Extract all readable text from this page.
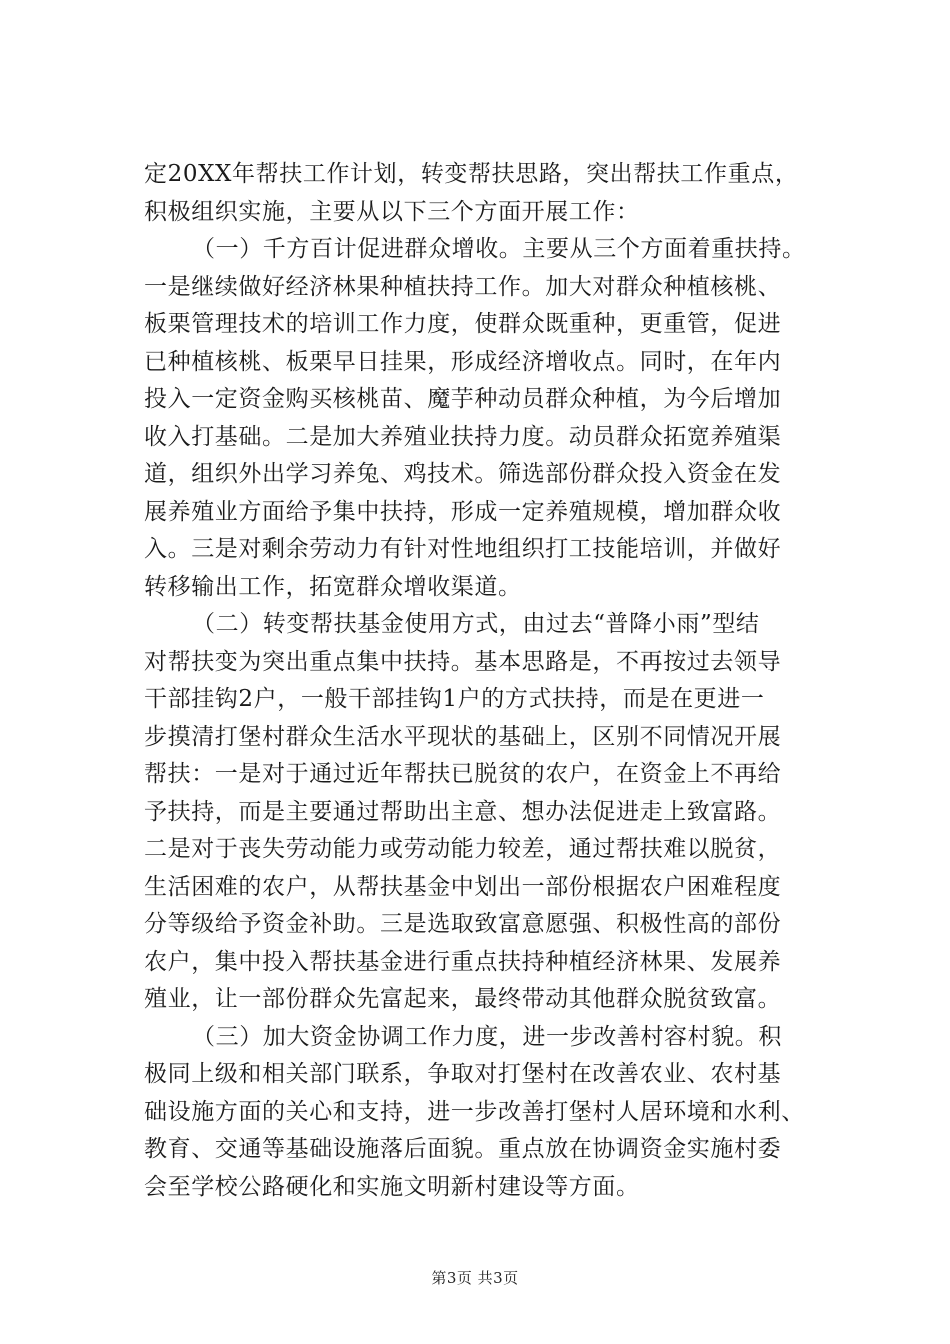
定20XX年帮扶工作计划，转变帮扶思路，突出帮扶工作重点，
积极组织实施，主要从以下三个方面开展工作：
（一）千方百计促进群众增收。主要从三个方面着重扶持。
一是继续做好经济林果种植扶持工作。加大对群众种植核桃、
板栗管理技术的培训工作力度，使群众既重种，更重管，促进
已种植核桃、板栗早日挂果，形成经济增收点。同时，在年内
投入一定资金购买核桃苗、魔芋种动员群众种植，为今后增加
收入打基础。二是加大养殖业扶持力度。动员群众拓宽养殖渠
道，组织外出学习养兔、鸡技术。筛选部份群众投入资金在发
展养殖业方面给予集中扶持，形成一定养殖规模，增加群众收
入。三是对剩余劳动力有针对性地组织打工技能培训，并做好
转移输出工作，拓宽群众增收渠道。
（二）转变帮扶基金使用方式，由过去“普降小雨”型结
对帮扶变为突出重点集中扶持。基本思路是，不再按过去领导
干部挂钩2户，一般干部挂钩1户的方式扶持，而是在更进一
步摸清打堡村群众生活水平现状的基础上，区别不同情况开展
帮扶：一是对于通过近年帮扶已脱贫的农户，在资金上不再给
予扶持，而是主要通过帮助出主意、想办法促进走上致富路。
二是对于丧失劳动能力或劳动能力较差，通过帮扶难以脱贫，
生活困难的农户，从帮扶基金中划出一部份根据农户困难程度
分等级给予资金补助。三是选取致富意愿强、积极性高的部份
农户，集中投入帮扶基金进行重点扶持种植经济林果、发展养
殖业，让一部份群众先富起来，最终带动其他群众脱贫致富。
（三）加大资金协调工作力度，进一步改善村容村貌。积
极同上级和相关部门联系，争取对打堡村在改善农业、农村基
础设施方面的关心和支持，进一步改善打堡村人居环境和水利、
教育、交通等基础设施落后面貌。重点放在协调资金实施村委
会至学校公路硬化和实施文明新村建设等方面。
第3页 共3页
